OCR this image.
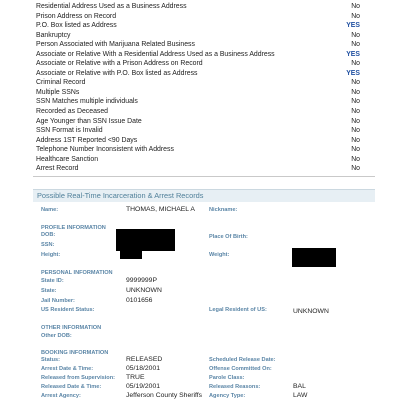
Residential Address Used as a Business Address	No
Prison Address on Record	No
P.O. Box listed as Address	YES
Bankruptcy	No
Person Associated with Marijuana Related Business	No
Associate or Relative With a Residential Address Used as a Business Address	YES
Associate or Relative with a Prison Address on Record	No
Associate or Relative with P.O. Box listed as Address	YES
Criminal Record	No
Multiple SSNs	No
SSN Matches multiple individuals	No
Recorded as Deceased	No
Age Younger than SSN Issue Date	No
SSN Format is Invalid	No
Address 1ST Reported <90 Days	No
Telephone Number Inconsistent with Address	No
Healthcare Sanction	No
Arrest Record	No
Possible Real-Time Incarceration & Arrest Records
Name:	THOMAS, MICHAEL A	Nickname:
PROFILE INFORMATION
DOB:
SSN:
Place Of Birth:
Height:	Weight:
PERSONAL INFORMATION
State ID:	9999999P
State:	UNKNOWN
Jail Number:	0101656
US Resident Status:	Legal Resident of US:	UNKNOWN
OTHER INFORMATION
Other DOB:
BOOKING INFORMATION
Status:	RELEASED	Scheduled Release Date:
Arrest Date & Time:	05/18/2001	Offense Committed On:
Released from Supervision: TRUE	Parole Class:
Released Date & Time:	05/19/2001	Released Reasons:	BAL
Arrest Agency:	Jefferson County Sheriffs Agency Type:	LAW
